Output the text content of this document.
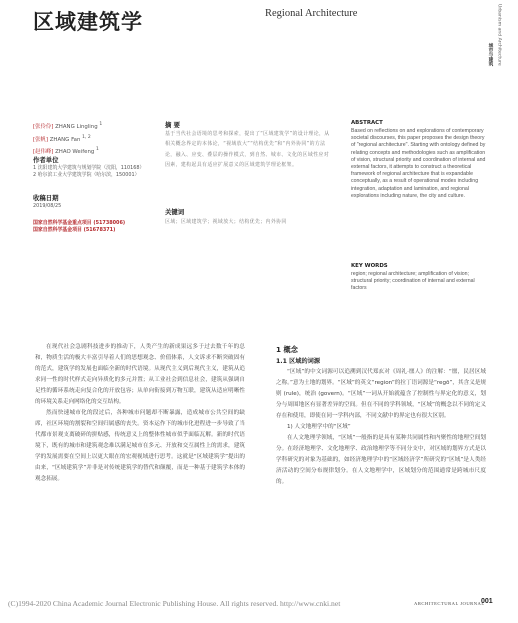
区域建筑学	Regional Architecture
城市与建筑 Urbanism and Architecture
[张伶伶] ZHANG Lingling $^1$
[张帆] ZHANG Fan $^{1, 2}$
[赵伟峰] ZHAO Weifeng $^1$
作者单位
1 沈阳建筑大学建筑与规划学院（沈阳，110168）
2 哈尔滨工业大学建筑学院（哈尔滨，150001）
收稿日期
2019/08/25
国家自然科学基金重点项目 (51738006)
国家自然科学基金项目 (51678371)
摘 要
基于当代社会语境的思考和探索，提出了“区域建筑学”的设计理论，从相关概念界定的本体论，“视域放大”“结构优先”和“内外协同”的方法论，融入、应变、叠层的操作模式，到自然、城市、文化的区域性应对因素，建构起具有适应扩展意义的区域建筑学理论框架。
关键词
区域；区域建筑学；视域放大；结构优先；内外协同
ABSTRACT
Based on reflections on and explorations of contemporary societal discourses, this paper proposes the design theory of "regional architecture". Starting with ontology defined by relating concepts and methodologies such as amplification of vision, structural priority and coordination of internal and external factors, it attempts to construct a theoretical framework of regional architecture that is expandable conceptually, as a result of operational modes including integration, adaptation and lamination, and regional explorations including nature, the city and culture.
KEY WORDS
region; regional architecture; amplification of vision; structural priority; coordination of internal and external factors

在现代社会急剧科技进步的推动下，人类产生的新成果远多于过去数千年的总和，物质生活的极大丰富引导着人们的思想观念、价值体系，人文诉求不断突破固有的范式，建筑学的发展也面临全新的时代语境。从现代主义到后现代主义，建筑从追求同一性的时代样式走向异质化的多元并置；从工业社会到信息社会，建筑从强调自足性的循环系统走向复合化的开放包容；从单向衔接到万物互联，建筑从适应明晰性的环境关系走向网络化的交互结构。

然而快速城市化的段过后，各种城市问题却不断暴露，造成城市公共空间的缺席，社区环境的割裂和空间归属感的丧失。资本运作下的城市化进程进一步导致了当代都市景观支离破碎的拼贴感，传统意义上的整体性城市似乎面临瓦解。新的时代语境下，既有的城市和建筑观念难以满足城市在多元、开放和交互属性上的需求，建筑学的发展需要在空间上以更大眼在的宏观视域进行思考。这就是“区域建筑学”提出的由来，“区域建筑学”并非是对传统建筑学的替代和颠覆，而是一种基于建筑学本体的观念拓展。

1 概念

1.1 区域的词源

“区域”的中文词源可以追溯到汉代郑玄对《周礼·廛人》的注解：“廛，民居区域之称。”意为土地的划界。“区域”的英文“region”的拉丁语词源是“regō”，其含义是规则 (rule)，统治 (govern)。“区域”一词从开始就蕴含了控制性与界定化的意义，划分与周围地区有显著差异的空间。但在不同的学科领域，“区域”的概念以不同的定义存在和使用，即使在同一学科内部，不同文献中的界定也有很大区别。

1) 人文地理学中的“区域”

在人文地理学领域，“区域”一般指的是具有某种共同属性和内聚性的地理空间划分。在经济地理学、文化地理学、政治地理学等不同分支中，对区域的划界方式是以学科研究的对象为基础的，如经济地理学中的“区域经济学”所研究的“区域”是人类经济活动的空间分布规律划分。在人文地理学中，区域划分的范围通常是跨城市尺度的。

(C)1994-2020 China Academic Journal Electronic Publishing House. All rights reserved. http://www.cnki.net	ARCHITECTURAL JOURNAL
001
